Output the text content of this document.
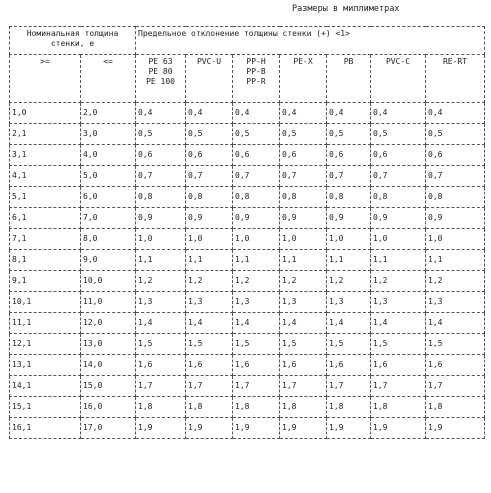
Размеры в миллиметрах
Номинальная толщина
стенки, e		Предельное отклонение толщины стенки (+) <1>						
>=	<=	PE 63
PE 80
PE 100	PVC-U	PP-H
PP-B
PP-R	PE-X	PB	PVC-C	RE-RT
1,0	2,0	0,4	0,4	0,4	0,4	0,4	0,4	0,4
2,1	3,0	0,5	0,5	0,5	0,5	0,5	0,5	0,5
3,1	4,0	0,6	0,6	0,6	0,6	0,6	0,6	0,6
4,1	5,0	0,7	0,7	0,7	0,7	0,7	0,7	0,7
5,1	6,0	0,8	0,8	0,8	0,8	0,8	0,8	0,8
6,1	7,0	0,9	0,9	0,9	0,9	0,9	0,9	0,9
7,1	8,0	1,0	1,0	1,0	1,0	1,0	1,0	1,0
8,1	9,0	1,1	1,1	1,1	1,1	1,1	1,1	1,1
9,1	10,0	1,2	1,2	1,2	1,2	1,2	1,2	1,2
10,1	11,0	1,3	1,3	1,3	1,3	1,3	1,3	1,3
11,1	12,0	1,4	1,4	1,4	1,4	1,4	1,4	1,4
12,1	13,0	1,5	1,5	1,5	1,5	1,5	1,5	1,5
13,1	14,0	1,6	1,6	1,6	1,6	1,6	1,6	1,6
14,1	15,0	1,7	1,7	1,7	1,7	1,7	1,7	1,7
15,1	16,0	1,8	1,8	1,8	1,8	1,8	1,8	1,8
16,1	17,0	1,9	1,9	1,9	1,9	1,9	1,9	1,9
